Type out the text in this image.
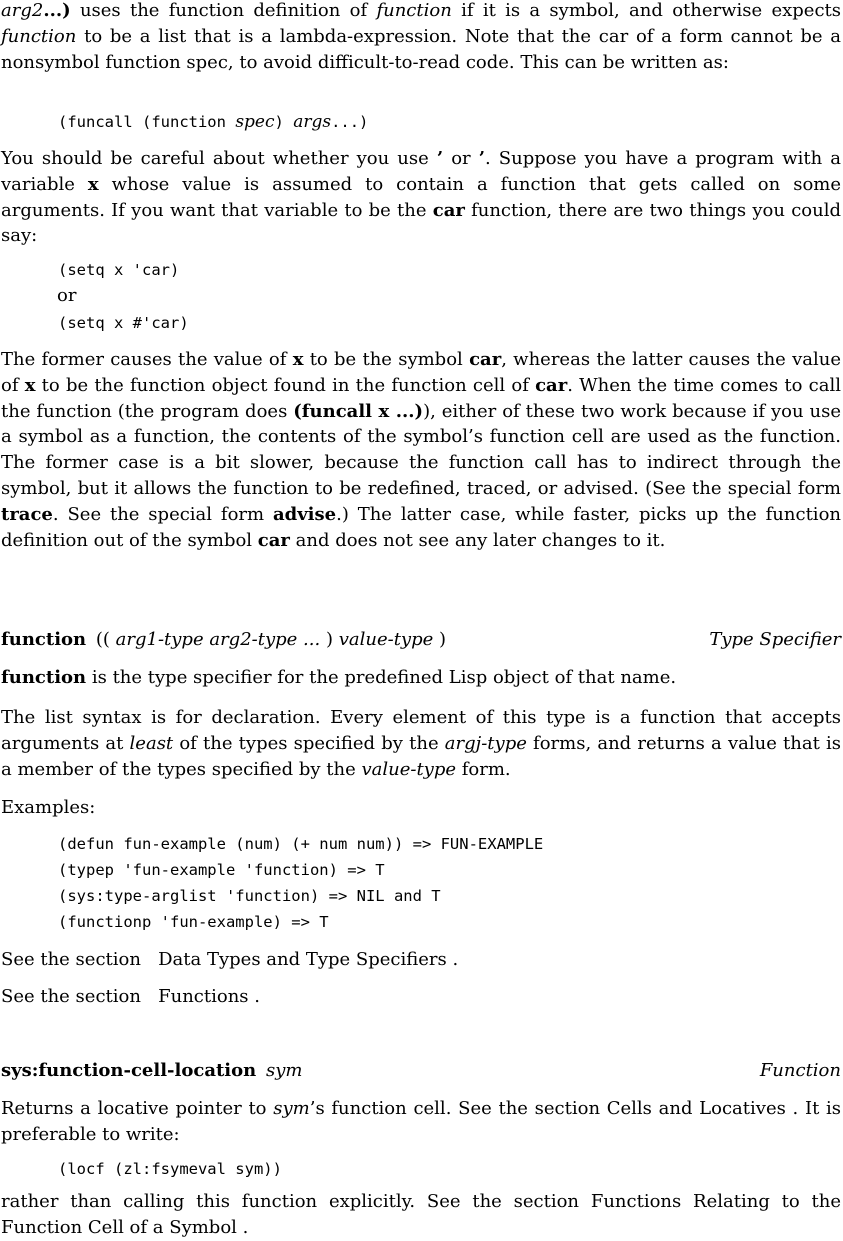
arg2...) uses the function definition of function if it is a symbol, and otherwise expects function to be a list that is a lambda-expression. Note that the car of a form cannot be a nonsymbol function spec, to avoid difficult-to-read code. This can be written as:

(funcall (function spec) args...)

You should be careful about whether you use ’ or ’. Suppose you have a program with a variable x whose value is assumed to contain a function that gets called on some arguments. If you want that variable to be the car function, there are two things you could say:

(setq x 'car)
or
(setq x #'car)

The former causes the value of x to be the symbol car, whereas the latter causes the value of x to be the function object found in the function cell of car. When the time comes to call the function (the program does (funcall x ...)), either of these two work because if you use a symbol as a function, the contents of the symbol’s function cell are used as the function. The former case is a bit slower, because the function call has to indirect through the symbol, but it allows the function to be redefined, traced, or advised. (See the special form trace. See the special form advise.) The latter case, while faster, picks up the function definition out of the symbol car and does not see any later changes to it.

function (( arg1-type arg2-type ... ) value-type )	Type Specifier

function is the type specifier for the predefined Lisp object of that name.

The list syntax is for declaration. Every element of this type is a function that accepts arguments at least of the types specified by the argj-type forms, and returns a value that is a member of the types specified by the value-type form.

Examples:

(defun fun-example (num) (+ num num)) => FUN-EXAMPLE
(typep 'fun-example 'function) => T
(sys:type-arglist 'function) => NIL and T
(functionp 'fun-example) => T

See the section   Data Types and Type Specifiers .

See the section   Functions .

sys:function-cell-location sym	Function

Returns a locative pointer to sym’s function cell. See the section Cells and Locatives . It is preferable to write:

(locf (zl:fsymeval sym))

rather than calling this function explicitly. See the section Functions Relating to the Function Cell of a Symbol .
